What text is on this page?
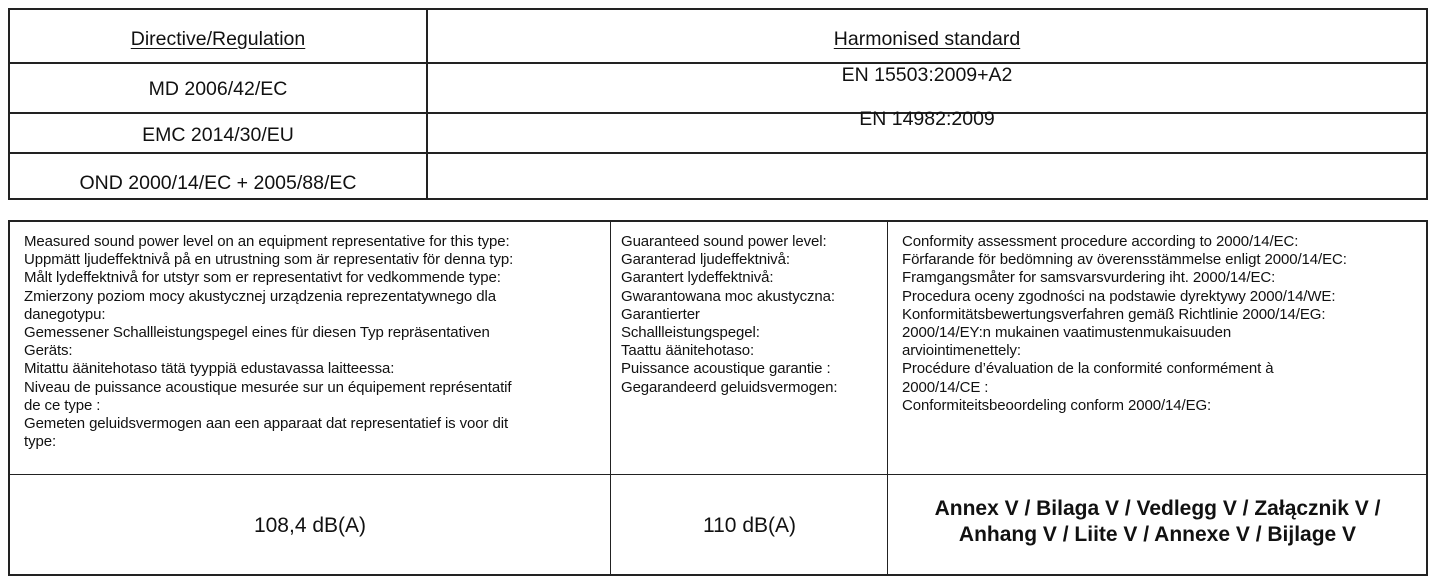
Directive/Regulation	Harmonised standard
MD 2006/42/EC
EN 15503:2009+A2
EMC 2014/30/EU
EN 14982:2009
OND 2000/14/EC + 2005/88/EC
Measured sound power level on an equipment representative for this type:
Uppmätt ljudeffektnivå på en utrustning som är representativ för denna typ:
Målt lydeffektnivå for utstyr som er representativt for vedkommende type:
Zmierzony poziom mocy akustycznej urządzenia reprezentatywnego dla
danegotypu:
Gemessener Schallleistungspegel eines für diesen Typ repräsentativen
Geräts:
Mitattu äänitehotaso tätä tyyppiä edustavassa laitteessa:
Niveau de puissance acoustique mesurée sur un équipement représentatif
de ce type :
Gemeten geluidsvermogen aan een apparaat dat representatief is voor dit
type:
Guaranteed sound power level:
Garanterad ljudeffektnivå:
Garantert lydeffektnivå:
Gwarantowana moc akustyczna:
Garantierter
Schallleistungspegel:
Taattu äänitehotaso:
Puissance acoustique garantie :
Gegarandeerd geluidsvermogen:
Conformity assessment procedure according to 2000/14/EC:
Förfarande för bedömning av överensstämmelse enligt 2000/14/EC:
Framgangsmåter for samsvarsvurdering iht. 2000/14/EC:
Procedura oceny zgodności na podstawie dyrektywy 2000/14/WE:
Konformitätsbewertungsverfahren gemäß Richtlinie 2000/14/EG:
2000/14/EY:n mukainen vaatimustenmukaisuuden
arviointimenettely:
Procédure d’évaluation de la conformité conformément à
2000/14/CE :
Conformiteitsbeoordeling conform 2000/14/EG:
108,4 dB(A)	110 dB(A)
Annex V / Bilaga V / Vedlegg V / Załącznik V /
Anhang V / Liite V / Annexe V / Bijlage V
